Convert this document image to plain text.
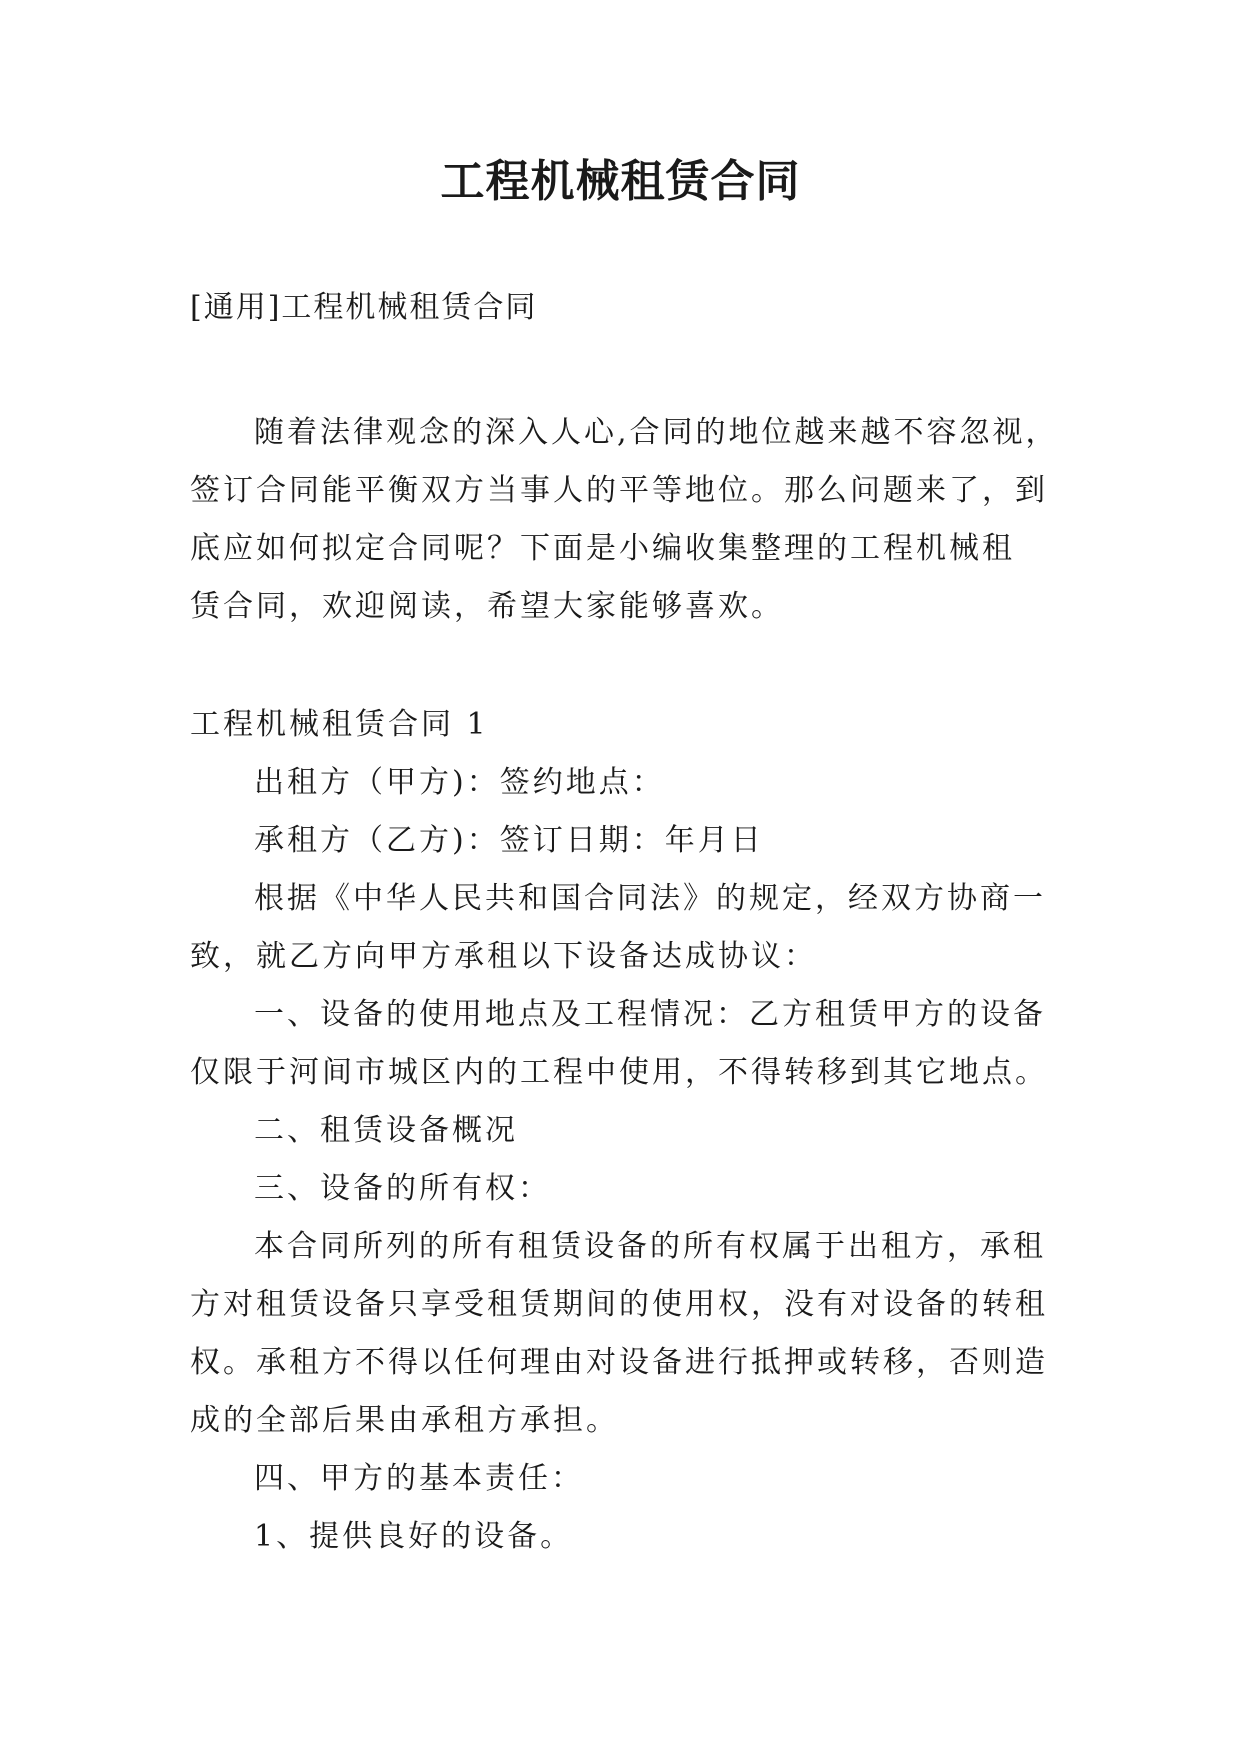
工程机械租赁合同

[通用]工程机械租赁合同

随着法律观念的深入人心,合同的地位越来越不容忽视，
签订合同能平衡双方当事人的平等地位。那么问题来了，到
底应如何拟定合同呢？下面是小编收集整理的工程机械租
赁合同，欢迎阅读，希望大家能够喜欢。
工程机械租赁合同 1
出租方（甲方)：签约地点：
承租方（乙方)：签订日期：年月日
根据《中华人民共和国合同法》的规定，经双方协商一
致，就乙方向甲方承租以下设备达成协议：
一、设备的使用地点及工程情况：乙方租赁甲方的设备
仅限于河间市城区内的工程中使用，不得转移到其它地点。
二、租赁设备概况
三、设备的所有权：
本合同所列的所有租赁设备的所有权属于出租方，承租
方对租赁设备只享受租赁期间的使用权，没有对设备的转租
权。承租方不得以任何理由对设备进行抵押或转移，否则造
成的全部后果由承租方承担。
四、甲方的基本责任：
1、提供良好的设备。
